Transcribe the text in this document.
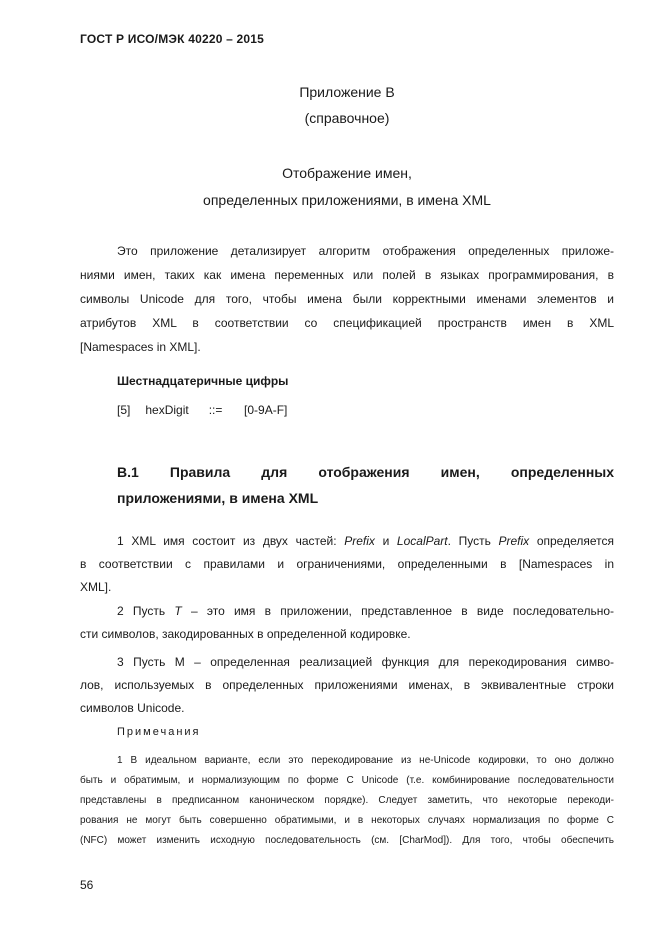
ГОСТ Р ИСО/МЭК 40220 – 2015
Приложение В
(справочное)
Отображение имен,
определенных приложениями, в имена XML
Это приложение детализирует алгоритм отображения определенных приложе-
ниями имен, таких как имена переменных или полей в языках программирования, в
символы Unicode для того, чтобы имена были корректными именами элементов и
атрибутов XML в соответствии со спецификацией пространств имен в XML
[Namespaces in XML].
Шестнадцатеричные цифры
[5] hexDigit ::= [0-9A-F]
В.1 Правила для отображения имен, определенных
приложениями, в имена XML
1 XML имя состоит из двух частей: Prefix и LocalPart. Пусть Prefix определяется
в соответствии с правилами и ограничениями, определенными в [Namespaces in
XML].
2 Пусть T – это имя в приложении, представленное в виде последовательно-
сти символов, закодированных в определенной кодировке.
3 Пусть M – определенная реализацией функция для перекодирования симво-
лов, используемых в определенных приложениями именах, в эквивалентные строки
символов Unicode.
Примечания
1 В идеальном варианте, если это перекодирование из не-Unicode кодировки, то оно должно
быть и обратимым, и нормализующим по форме С Unicode (т.е. комбинирование последовательности
представлены в предписанном каноническом порядке). Следует заметить, что некоторые перекоди-
рования не могут быть совершенно обратимыми, и в некоторых случаях нормализация по форме С
(NFC) может изменить исходную последовательность (см. [CharMod]). Для того, чтобы обеспечить
56
